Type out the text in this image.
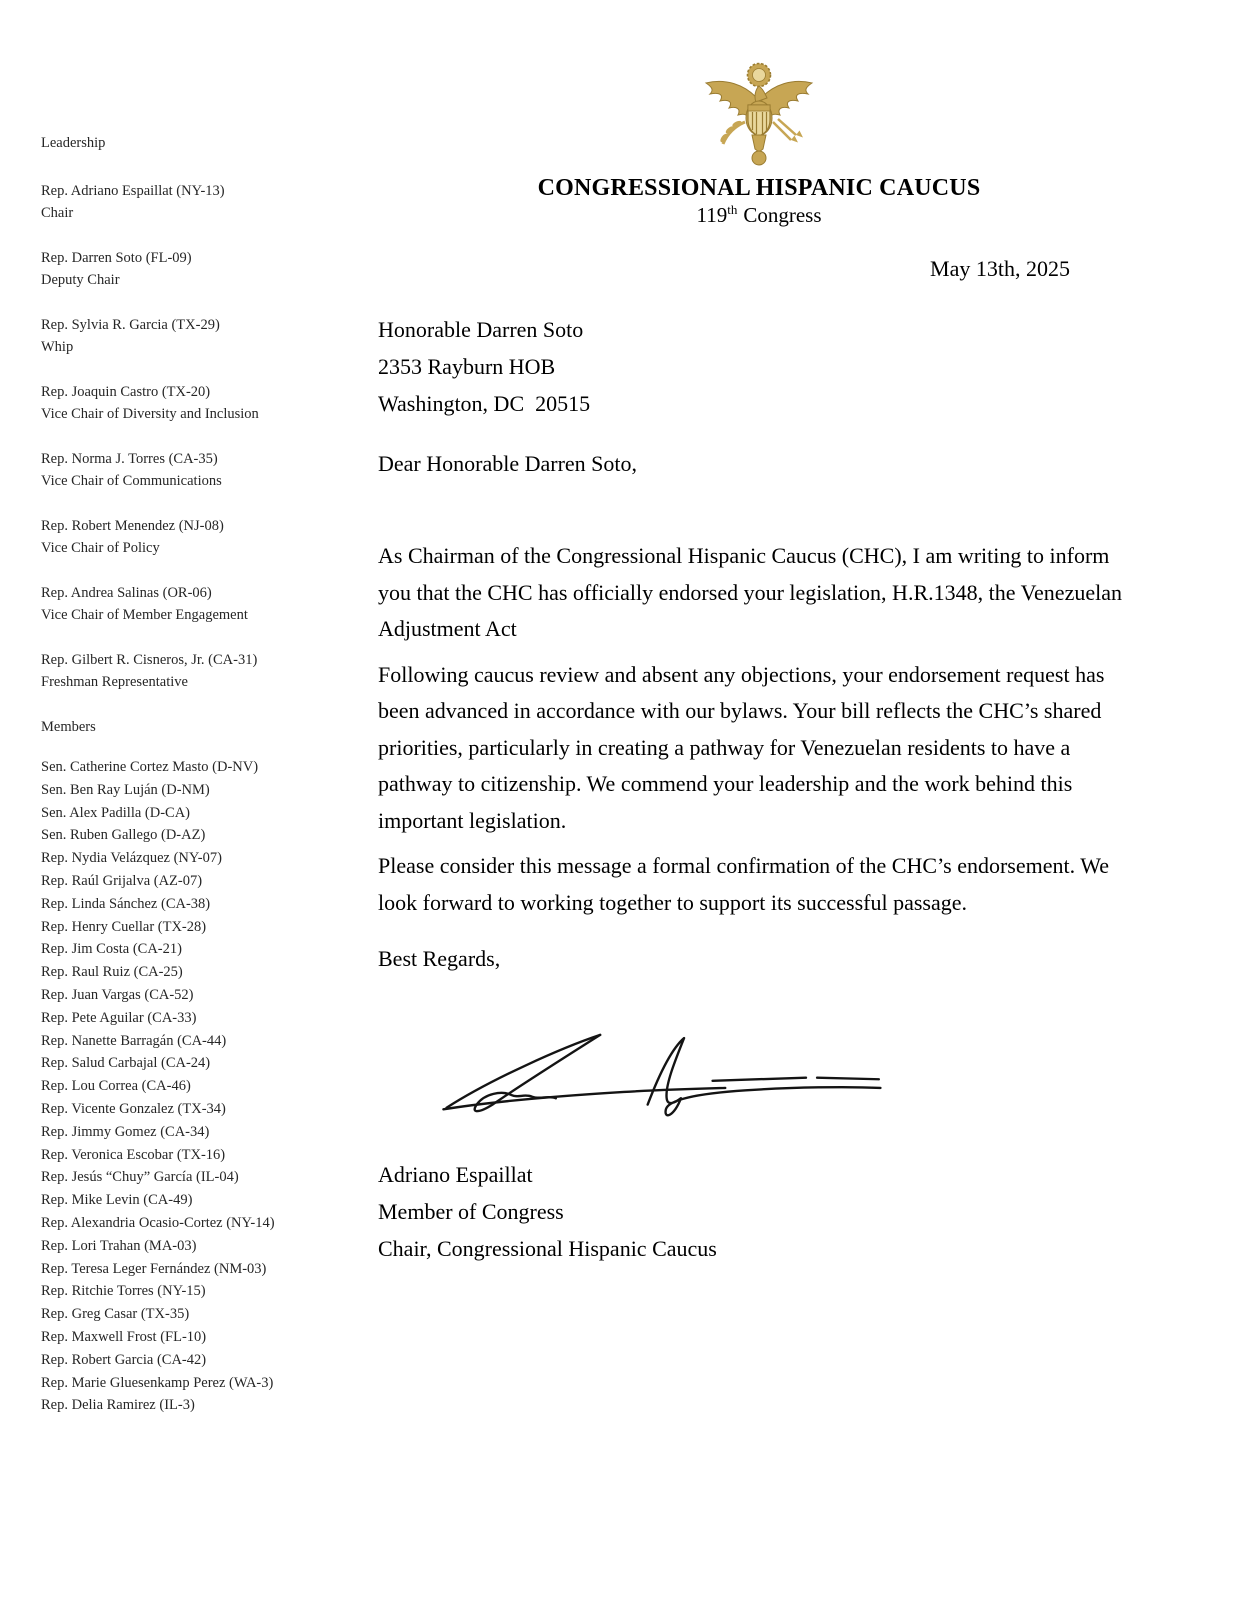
Leadership
Rep. Adriano Espaillat (NY-13)
Chair
Rep. Darren Soto (FL-09)
Deputy Chair
Rep. Sylvia R. Garcia (TX-29)
Whip
Rep. Joaquin Castro (TX-20)
Vice Chair of Diversity and Inclusion
Rep. Norma J. Torres (CA-35)
Vice Chair of Communications
Rep. Robert Menendez (NJ-08)
Vice Chair of Policy
Rep. Andrea Salinas (OR-06)
Vice Chair of Member Engagement
Rep. Gilbert R. Cisneros, Jr. (CA-31)
Freshman Representative
Members
Sen. Catherine Cortez Masto (D-NV)
Sen. Ben Ray Luján (D-NM)
Sen. Alex Padilla (D-CA)
Sen. Ruben Gallego (D-AZ)
Rep. Nydia Velázquez (NY-07)
Rep. Raúl Grijalva (AZ-07)
Rep. Linda Sánchez (CA-38)
Rep. Henry Cuellar (TX-28)
Rep. Jim Costa (CA-21)
Rep. Raul Ruiz (CA-25)
Rep. Juan Vargas (CA-52)
Rep. Pete Aguilar (CA-33)
Rep. Nanette Barragán (CA-44)
Rep. Salud Carbajal (CA-24)
Rep. Lou Correa (CA-46)
Rep. Vicente Gonzalez (TX-34)
Rep. Jimmy Gomez (CA-34)
Rep. Veronica Escobar (TX-16)
Rep. Jesús “Chuy” García (IL-04)
Rep. Mike Levin (CA-49)
Rep. Alexandria Ocasio-Cortez (NY-14)
Rep. Lori Trahan (MA-03)
Rep. Teresa Leger Fernández (NM-03)
Rep. Ritchie Torres (NY-15)
Rep. Greg Casar (TX-35)
Rep. Maxwell Frost (FL-10)
Rep. Robert Garcia (CA-42)
Rep. Marie Gluesenkamp Perez (WA-3)
Rep. Delia Ramirez (IL-3)
CONGRESSIONAL HISPANIC CAUCUS
119th Congress
May 13th, 2025
Honorable Darren Soto
2353 Rayburn HOB
Washington, DC  20515
Dear Honorable Darren Soto,

As Chairman of the Congressional Hispanic Caucus (CHC), I am writing to inform you that the CHC has officially endorsed your legislation, H.R.1348, the Venezuelan Adjustment Act

Following caucus review and absent any objections, your endorsement request has been advanced in accordance with our bylaws. Your bill reflects the CHC’s shared priorities, particularly in creating a pathway for Venezuelan residents to have a pathway to citizenship. We commend your leadership and the work behind this important legislation.

Please consider this message a formal confirmation of the CHC’s endorsement. We look forward to working together to support its successful passage.

Best Regards,
Adriano Espaillat
Member of Congress
Chair, Congressional Hispanic Caucus
